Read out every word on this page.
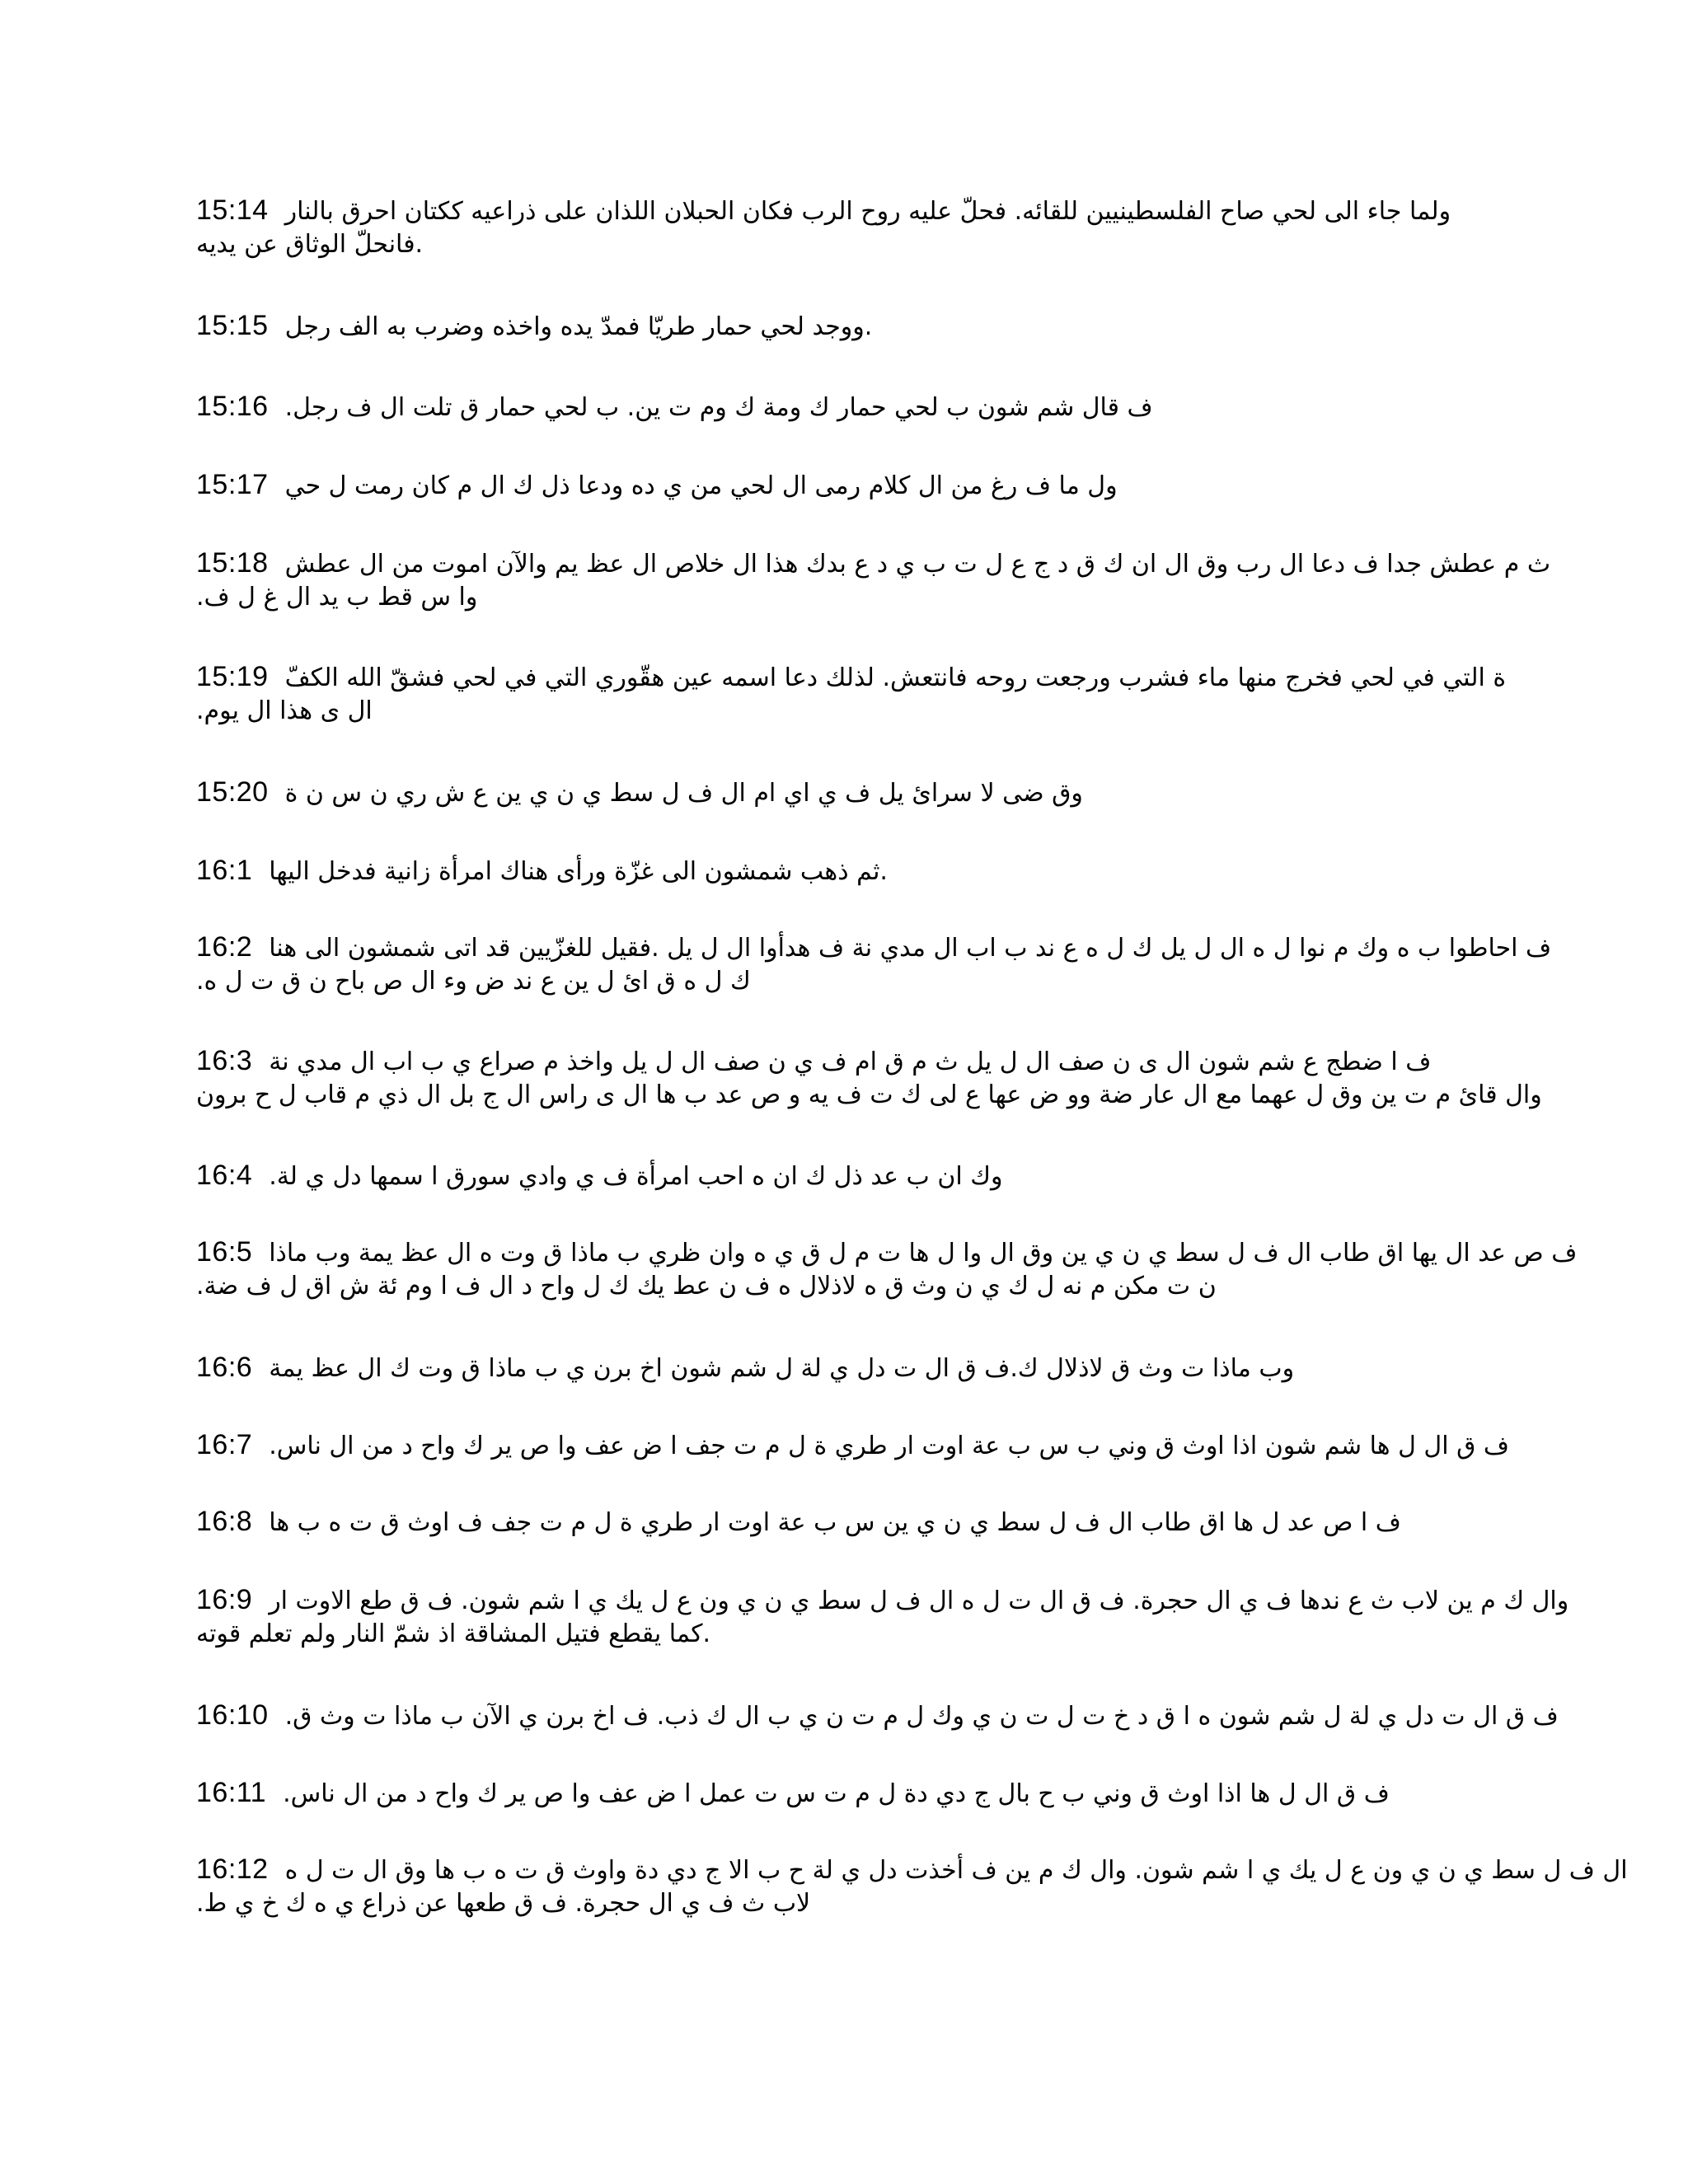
15:14 ولما جاء الى لحي صاح الفلسطينيين للقائه. فحلّ عليه روح الرب فكان الحبلان اللذان على ذراعيه ككتان احرق بالنار
.فانحلّ الوثاق عن يديه
15:15 .ووجد لحي حمار طريّا فمدّ يده واخذه وضرب به الف رجل
15:16 ف قال شم شون ب لحي حمار ك ومة ك وم ت ين. ب لحي حمار ق تلت ال ف رجل.
15:17 ول ما ف رغ من ال كلام رمى ال لحي من ي ده ودعا ذل ك ال م كان رمت ل حي
15:18 ث م عطش جدا ف دعا ال رب وق ال ان ك ق د ج ع ل ت ب ي د ع بدك هذا ال خلاص ال عظ يم والآن اموت من ال عطش
وا س قط ب يد ال غ ل ف.
15:19 ة التي في لحي فخرج منها ماء فشرب ورجعت روحه فانتعش. لذلك دعا اسمه عين هقّوري التي في لحي فشقّ الله الكفّ
ال ى هذا ال يوم.
15:20 وق ضى لا سرائ يل ف ي اي ام ال ف ل سط ي ن ي ين ع ش ري ن س ن ة
16:1 .ثم ذهب شمشون الى غزّة ورأى هناك امرأة زانية فدخل اليها
16:2 ف احاطوا ب ه وك م نوا ل ه ال ل يل ك ل ه ع ند ب اب ال مدي نة ف هدأوا ال ل يل .فقيل للغزّيين قد اتى شمشون الى هنا
ك ل ه ق ائ ل ين ع ند ض وء ال ص باح ن ق ت ل ه.
16:3 ف ا ضطج ع شم شون ال ى ن صف ال ل يل ث م ق ام ف ي ن صف ال ل يل واخذ م صراع ي ب اب ال مدي نة
وال قائ م ت ين وق ل عهما مع ال عار ضة وو ض عها ع لى ك ت ف يه و ص عد ب ها ال ى راس ال ج بل ال ذي م قاب ل ح برون
16:4 وك ان ب عد ذل ك ان ه احب امرأة ف ي وادي سورق ا سمها دل ي لة.
16:5 ف ص عد ال يها اق طاب ال ف ل سط ي ن ي ين وق ال وا ل ها ت م ل ق ي ه وان ظري ب ماذا ق وت ه ال عظ يمة وب ماذا
ن ت مكن م نه ل ك ي ن وث ق ه لاذلال ه ف ن عط يك ك ل واح د ال ف ا وم ئة ش اق ل ف ضة.
16:6 وب ماذا ت وث ق لاذلال ك.ف ق ال ت دل ي لة ل شم شون اخ برن ي ب ماذا ق وت ك ال عظ يمة
16:7 ف ق ال ل ها شم شون اذا اوث ق وني ب س ب عة اوت ار طري ة ل م ت جف ا ض عف وا ص ير ك واح د من ال ناس.
16:8 ف ا ص عد ل ها اق طاب ال ف ل سط ي ن ي ين س ب عة اوت ار طري ة ل م ت جف ف اوث ق ت ه ب ها
16:9 وال ك م ين لاب ث ع ندها ف ي ال حجرة. ف ق ال ت ل ه ال ف ل سط ي ن ي ون ع ل يك ي ا شم شون. ف ق طع الاوت ار
.كما يقطع فتيل المشاقة اذ شمّ النار ولم تعلم قوته
16:10 ف ق ال ت دل ي لة ل شم شون ه ا ق د خ ت ل ت ن ي وك ل م ت ن ي ب ال ك ذب. ف اخ برن ي الآن ب ماذا ت وث ق.
16:11 ف ق ال ل ها اذا اوث ق وني ب ح بال ج دي دة ل م ت س ت عمل ا ض عف وا ص ير ك واح د من ال ناس.
16:12 ال ف ل سط ي ن ي ون ع ل يك ي ا شم شون. وال ك م ين ف أخذت دل ي لة ح ب الا ج دي دة واوث ق ت ه ب ها وق ال ت ل ه
لاب ث ف ي ال حجرة. ف ق طعها عن ذراع ي ه ك خ ي ط.
